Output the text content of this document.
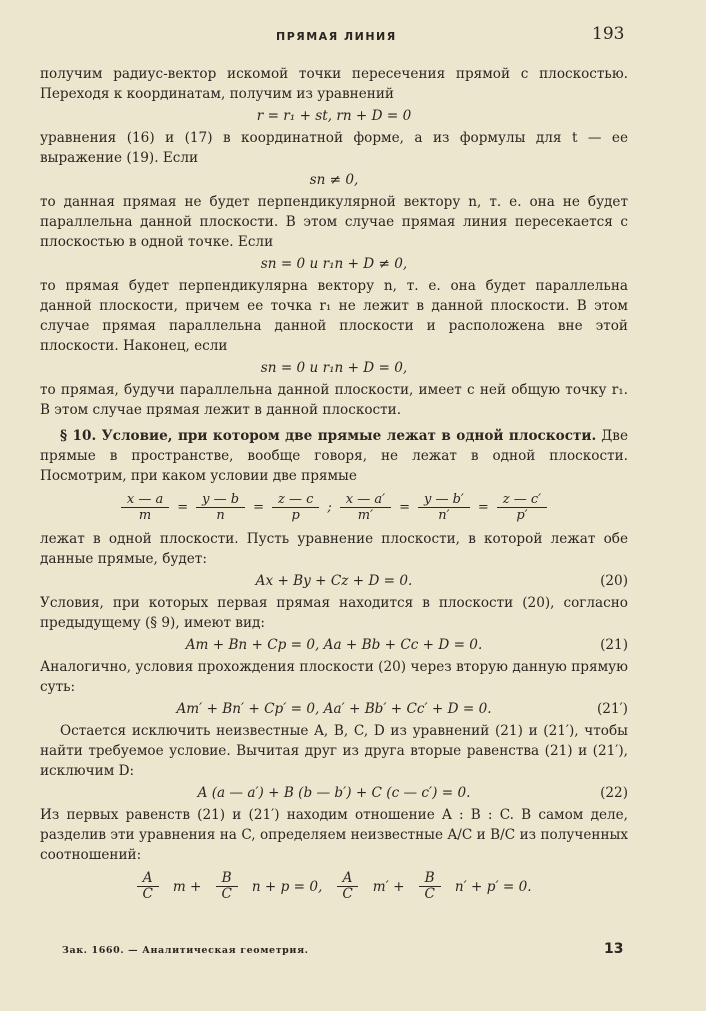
ПРЯМАЯ ЛИНИЯ	193

получим радиус-вектор искомой точки пересечения прямой с плоскостью. Переходя к координатам, получим из уравнений

r = r₁ + st, rn + D = 0

уравнения (16) и (17) в координатной форме, а из формулы для t — ее выражение (19). Если

sn ≠ 0,

то данная прямая не будет перпендикулярной вектору n, т. е. она не будет параллельна данной плоскости. В этом случае прямая линия пересекается с плоскостью в одной точке. Если

sn = 0 и r₁n + D ≠ 0,

то прямая будет перпендикулярна вектору n, т. е. она будет параллельна данной плоскости, причем ее точка r₁ не лежит в данной плоскости. В этом случае прямая параллельна данной плоскости и расположена вне этой плоскости. Наконец, если

sn = 0 и r₁n + D = 0,

то прямая, будучи параллельна данной плоскости, имеет с ней общую точку r₁. В этом случае прямая лежит в данной плоскости.

§ 10. Условие, при котором две прямые лежат в одной плоскости. Две прямые в пространстве, вообще говоря, не лежат в одной плоскости. Посмотрим, при каком условии две прямые

$\frac{x — a}{m} = \frac{y — b}{n} = \frac{z — c}{p}$ ; $\frac{x — a'}{m'} = \frac{y — b'}{n'} = \frac{z — c'}{p'}$

лежат в одной плоскости. Пусть уравнение плоскости, в которой лежат обе данные прямые, будет:

Ax + By + Cz + D = 0.	(20)

Условия, при которых первая прямая находится в плоскости (20), согласно предыдущему (§ 9), имеют вид:

Am + Bn + Cp = 0, Aa + Bb + Cc + D = 0.	(21)

Аналогично, условия прохождения плоскости (20) через вторую данную прямую суть:

Am′ + Bn′ + Cp′ = 0, Aa′ + Bb′ + Cc′ + D = 0.	(21′)

Остается исключить неизвестные A, B, C, D из уравнений (21) и (21′), чтобы найти требуемое условие. Вычитая друг из друга вторые равенства (21) и (21′), исключим D:

A (a — a′) + B (b — b′) + C (c — c′) = 0.	(22)

Из первых равенств (21) и (21′) находим отношение A : B : C. В самом деле, разделив эти уравнения на C, определяем неизвестные A/C и B/C из полученных соотношений:

$\frac{A}{C}$ $m + \frac{B}{C}$ n + p = 0, $\frac{A}{C} m' + \frac{B}{C} n' + p' = 0$.
Зак. 1660. — Аналитическая геометрия.	13
